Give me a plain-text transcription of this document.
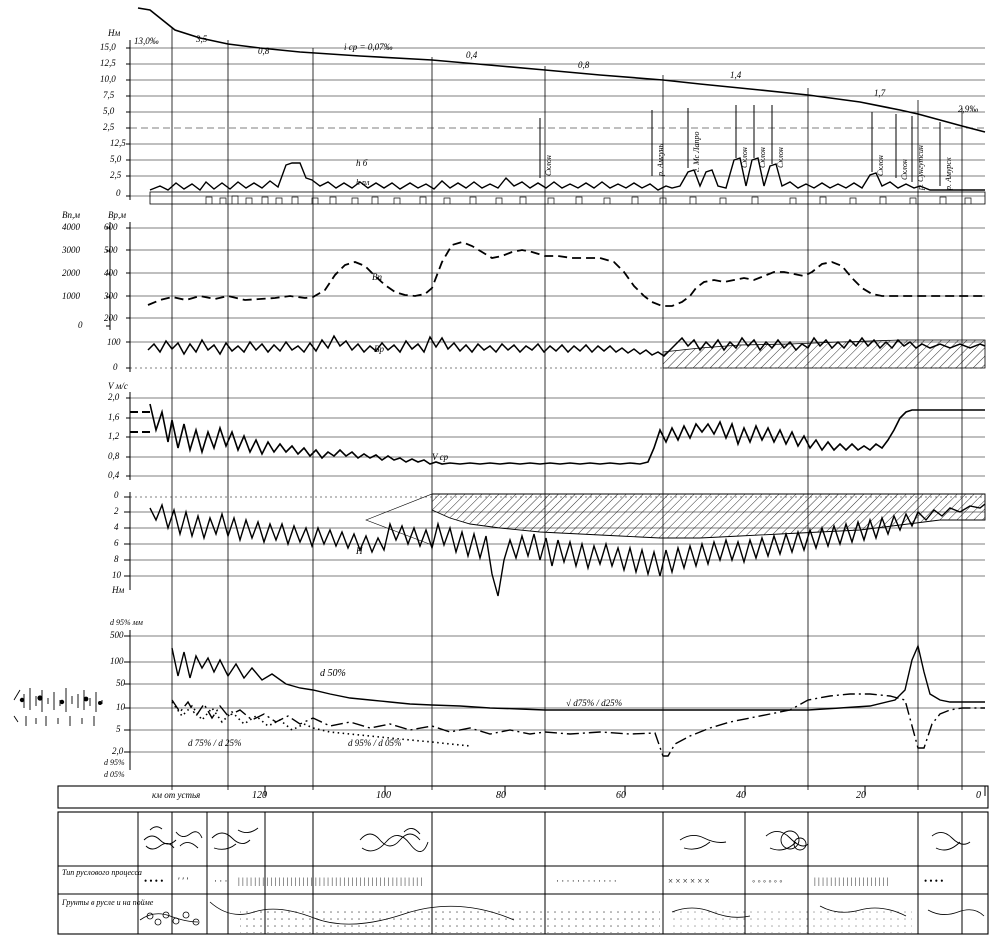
• • • • ′ ′ ′	· · · | | | | | | | | | | | | | | | | | | | | | | | | | | | | | | | | | | | | | | | | | | | | | |	· · · · · · · · · · · ·	× × × × × ×	◦ ◦ ◦ ◦ ◦ ◦	| | | | | | | | | | | | | | | | | | |	• • • •
Нм
15,0
12,5
10,0
7,5
5,0
2,5
12,5
5,0
2,5
0
13,0‰	3,5
0,8	i ср = 0,07‰
0,4
0,8
1,4
1,7
2,9‰
h б
h пл
Склон	р. Амгунь	г. Мс Лапро	Склон Склон Склон	Склон Склон р. Сунгутсин р. Амурск
Вп,м	Вр,м
4000
3000
2000
1000
0
600
500
400
300
200
100
0
Вп
Вр
V м/с
2,0
1,6
1,2
0,8
0,4
V ср
0
2
4
6
8
10
Нм
H
d 95% мм
500
100
50
10
5
2,0
d 95%
d 05%
d 50%
√ d75% / d25%
d 75% / d 25%	d 95% / d 05%
км от устья	0
20
40
60
80
100
120
Тип руслового процесса
Грунты в русле и на пойме
